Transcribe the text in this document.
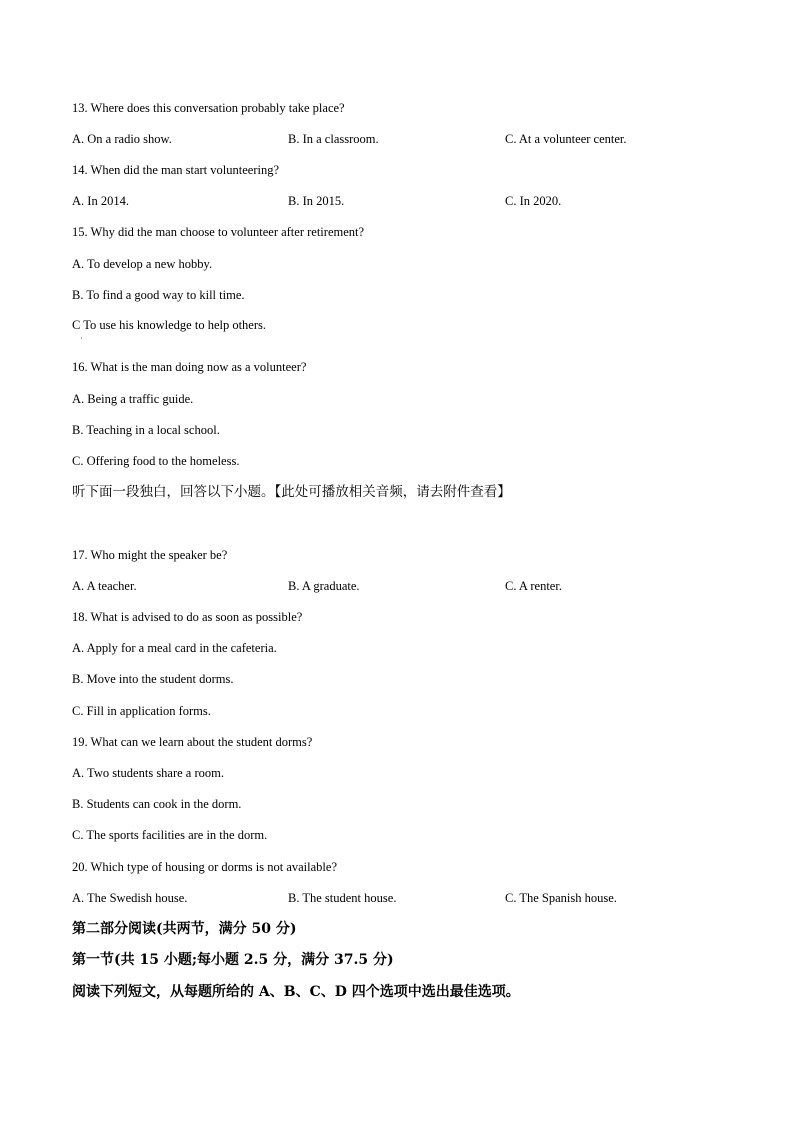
13. Where does this conversation probably take place?
A. On a radio show.	B. In a classroom.	C. At a volunteer center.
14. When did the man start volunteering?
A. In 2014.	B. In 2015.	C. In 2020.
15. Why did the man choose to volunteer after retirement?
A. To develop a new hobby.
B. To find a good way to kill time.
C To use his knowledge to help others.
·
16. What is the man doing now as a volunteer?
A. Being a traffic guide.
B. Teaching in a local school.
C. Offering food to the homeless.
听下面一段独白，回答以下小题。【此处可播放相关音频，请去附件查看】
17. Who might the speaker be?
A. A teacher.	B. A graduate.	C. A renter.
18. What is advised to do as soon as possible?
A. Apply for a meal card in the cafeteria.
B. Move into the student dorms.
C. Fill in application forms.
19. What can we learn about the student dorms?
A. Two students share a room.
B. Students can cook in the dorm.
C. The sports facilities are in the dorm.
20. Which type of housing or dorms is not available?
A. The Swedish house.	B. The student house.	C. The Spanish house.
第二部分阅读(共两节，满分 50 分)
第一节(共 15 小题;每小题 2.5 分，满分 37.5 分)
阅读下列短文，从每题所给的 A、B、C、D 四个选项中选出最佳选项。
